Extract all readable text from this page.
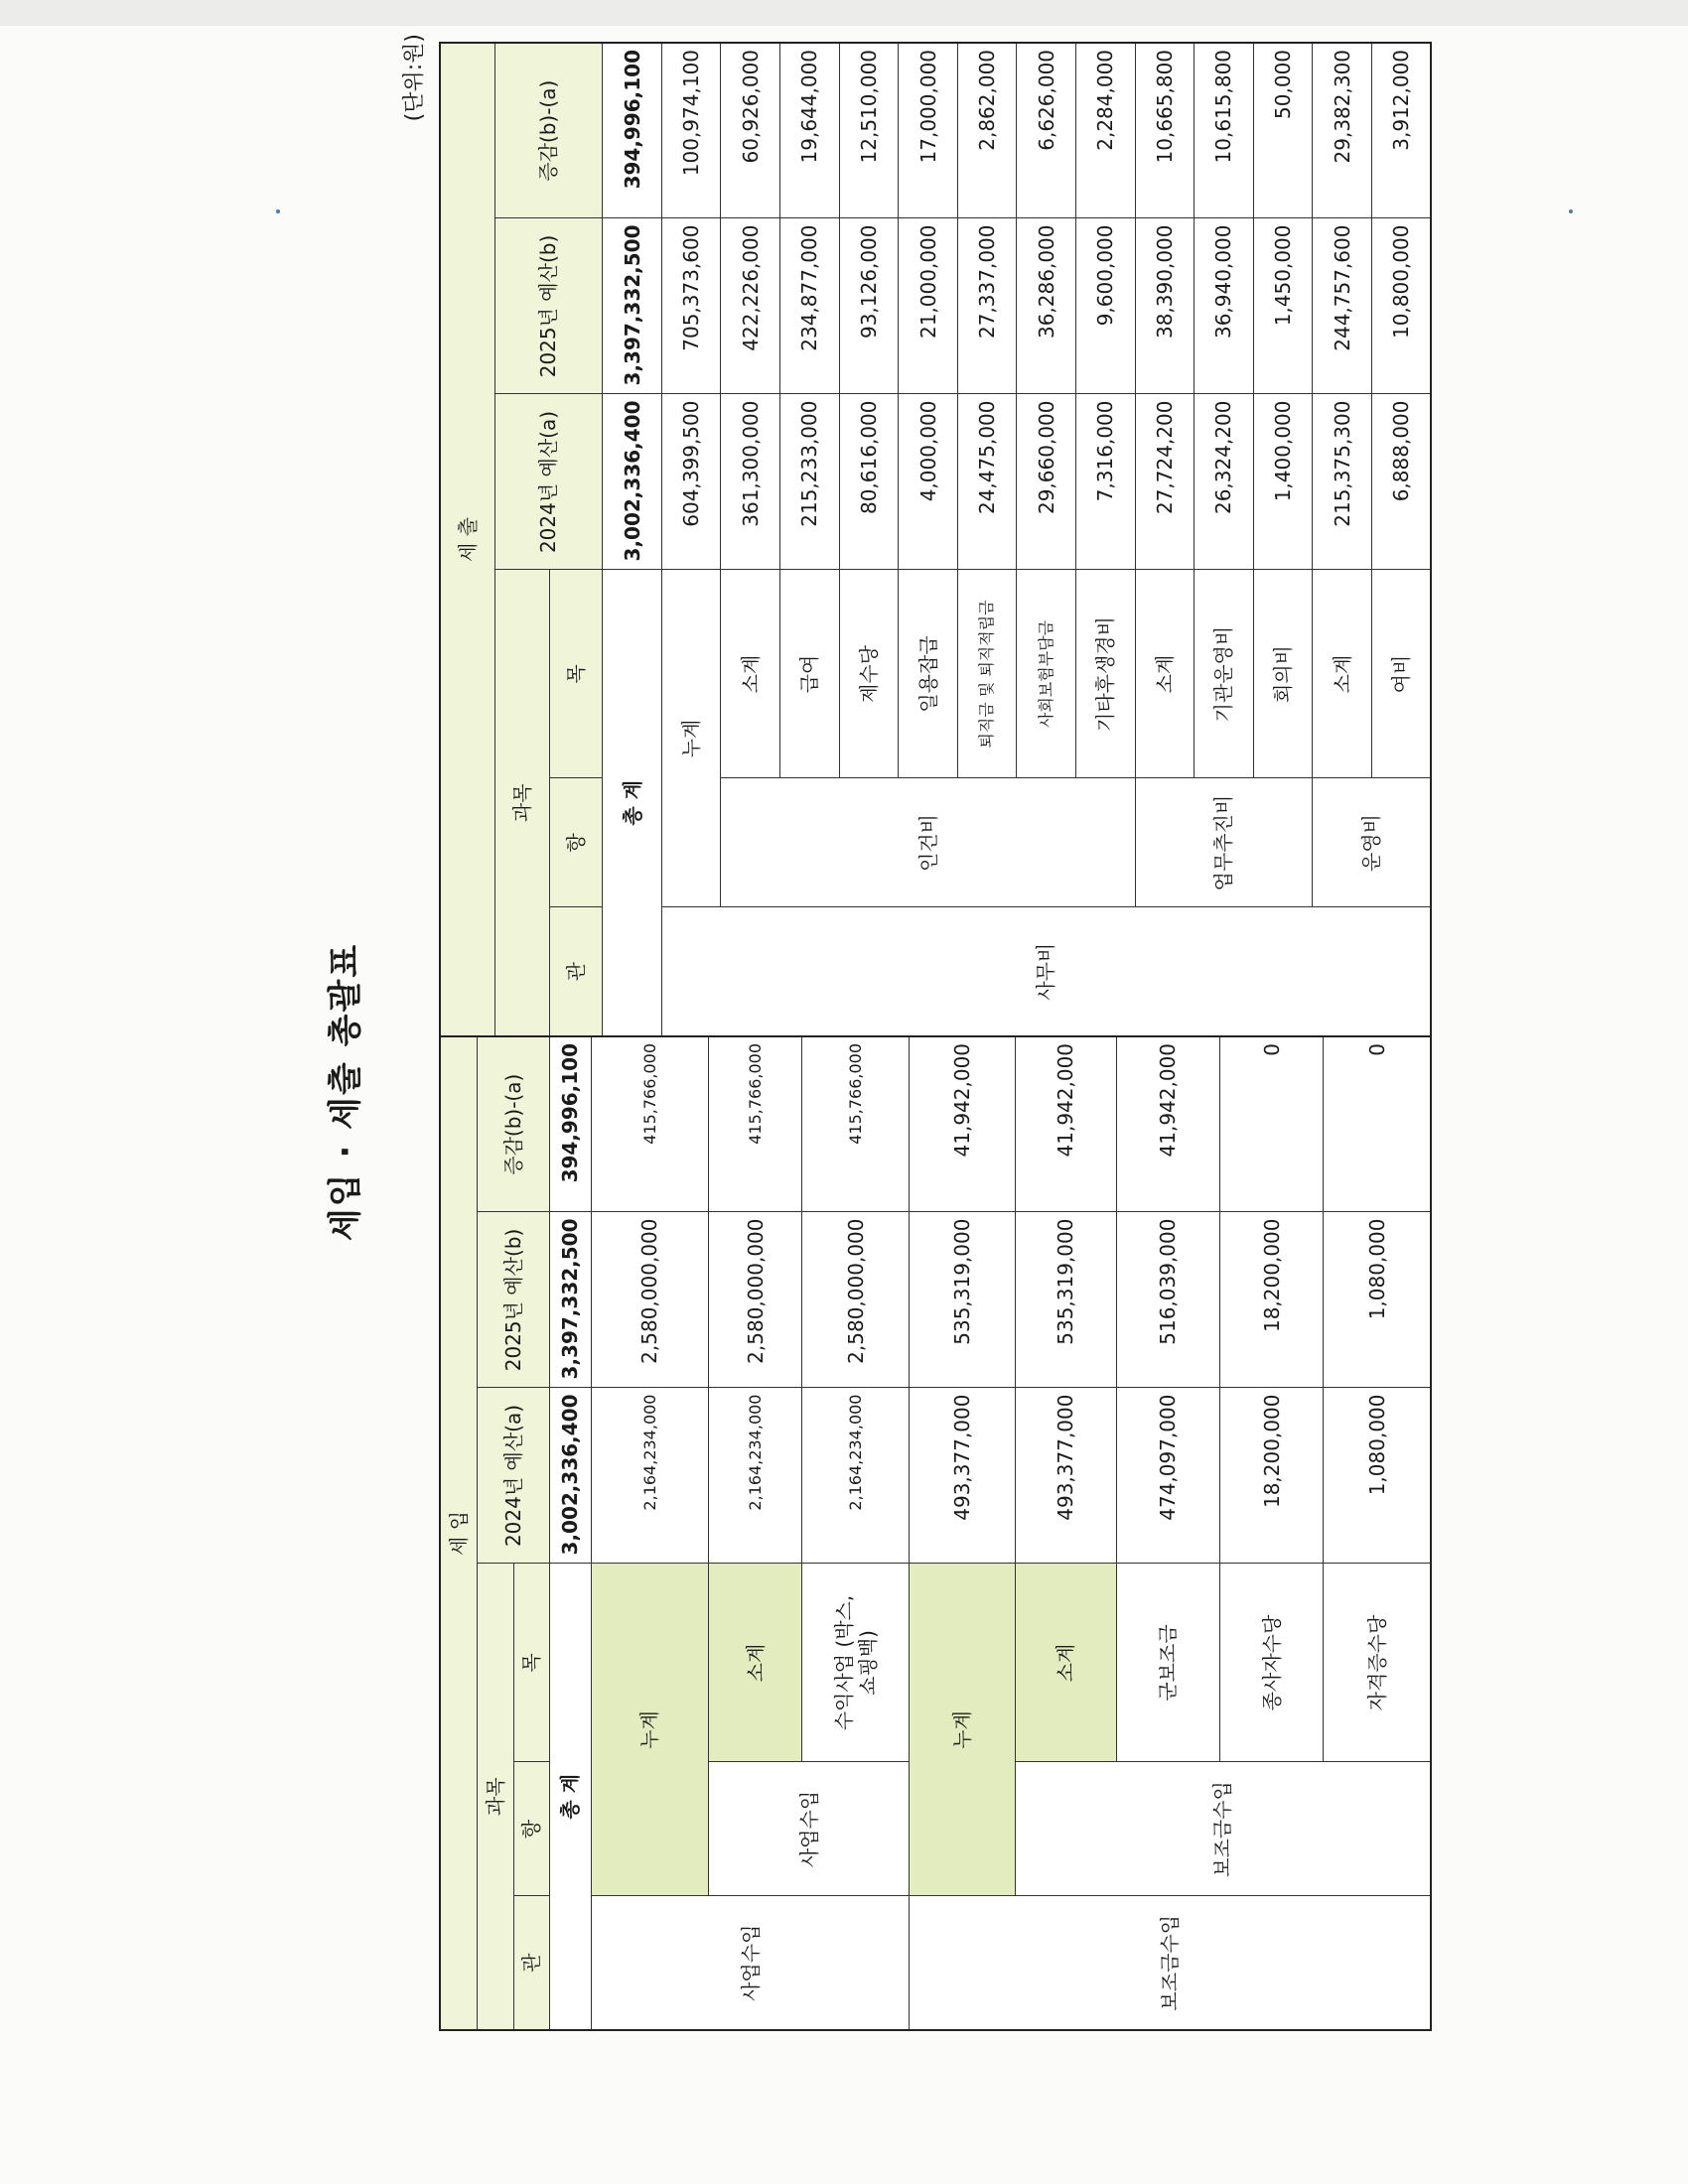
세입 · 세출 총괄표
(단위:원)
세 입					
과목			2024년 예산(a)	2025년 예산(b)	증감(b)-(a)
관	항	목			
총 계			3,002,336,400	3,397,332,500	394,996,100
사업수입	누계		2,164,234,000	2,580,000,000	415,766,000
	사업수입	소계	2,164,234,000	2,580,000,000	415,766,000
		수익사업 (박스, 쇼핑백)	2,164,234,000	2,580,000,000	415,766,000
보조금수입	누계		493,377,000	535,319,000	41,942,000
	보조금수입	소계	493,377,000	535,319,000	41,942,000
		군보조금	474,097,000	516,039,000	41,942,000
		종사자수당	18,200,000	18,200,000	0
		자격증수당	1,080,000	1,080,000	0
세 출					
과목			2024년 예산(a)	2025년 예산(b)	증감(b)-(a)
관	항	목			
총 계			3,002,336,400	3,397,332,500	394,996,100
사무비	누계		604,399,500	705,373,600	100,974,100
	인건비	소계	361,300,000	422,226,000	60,926,000
		급여	215,233,000	234,877,000	19,644,000
		제수당	80,616,000	93,126,000	12,510,000
		일용잡급	4,000,000	21,000,000	17,000,000
		퇴직금 및 퇴직적립금	24,475,000	27,337,000	2,862,000
		사회보험부담금	29,660,000	36,286,000	6,626,000
		기타후생경비	7,316,000	9,600,000	2,284,000
	업무추진비	소계	27,724,200	38,390,000	10,665,800
		기관운영비	26,324,200	36,940,000	10,615,800
		회의비	1,400,000	1,450,000	50,000
	운영비	소계	215,375,300	244,757,600	29,382,300
		여비	6,888,000	10,800,000	3,912,000
